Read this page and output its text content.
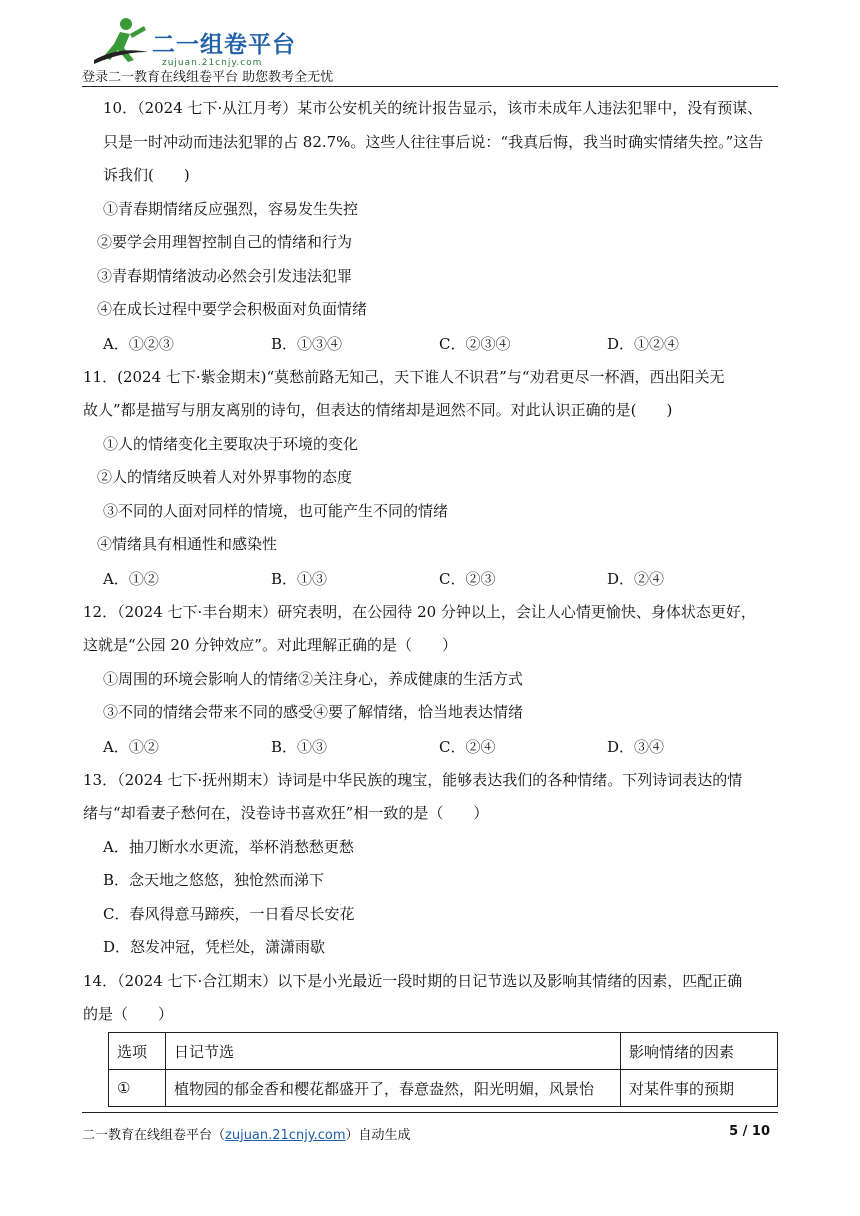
二一组卷平台
zujuan.21cnjy.com
登录二一教育在线组卷平台 助您教考全无忧

10．（2024 七下·从江月考）某市公安机关的统计报告显示，该市未成年人违法犯罪中，没有预谋、

只是一时冲动而违法犯罪的占 82.7%。这些人往往事后说：“我真后悔，我当时确实情绪失控。”这告

诉我们(　　)

①青春期情绪反应强烈，容易发生失控

②要学会用理智控制自己的情绪和行为

③青春期情绪波动必然会引发违法犯罪

④在成长过程中要学会积极面对负面情绪

A．①②③	B．①③④	C．②③④	D．①②④

11．(2024 七下·紫金期末)“莫愁前路无知己，天下谁人不识君”与“劝君更尽一杯酒，西出阳关无

故人”都是描写与朋友离别的诗句，但表达的情绪却是迥然不同。对此认识正确的是(　　)

①人的情绪变化主要取决于环境的变化

②人的情绪反映着人对外界事物的态度

③不同的人面对同样的情境，也可能产生不同的情绪

④情绪具有相通性和感染性

A．①②	B．①③	C．②③	D．②④

12．（2024 七下·丰台期末）研究表明，在公园待 20 分钟以上，会让人心情更愉快、身体状态更好，

这就是“公园 20 分钟效应”。对此理解正确的是（　　）

①周围的环境会影响人的情绪②关注身心，养成健康的生活方式

③不同的情绪会带来不同的感受④要了解情绪，恰当地表达情绪

A．①②	B．①③	C．②④	D．③④

13．（2024 七下·抚州期末）诗词是中华民族的瑰宝，能够表达我们的各种情绪。下列诗词表达的情

绪与“却看妻子愁何在，没卷诗书喜欢狂”相一致的是（　　）

A．抽刀断水水更流，举杯消愁愁更愁

B．念天地之悠悠，独怆然而涕下

C．春风得意马蹄疾，一日看尽长安花

D．怒发冲冠，凭栏处，潇潇雨歇

14．（2024 七下·合江期末）以下是小光最近一段时期的日记节选以及影响其情绪的因素，匹配正确

的是（　　）

选项	日记节选	影响情绪的因素
①	植物园的郁金香和樱花都盛开了，春意盎然，阳光明媚，风景怡	对某件事的预期
二一教育在线组卷平台（zujuan.21cnjy.com）自动生成	5 / 10
